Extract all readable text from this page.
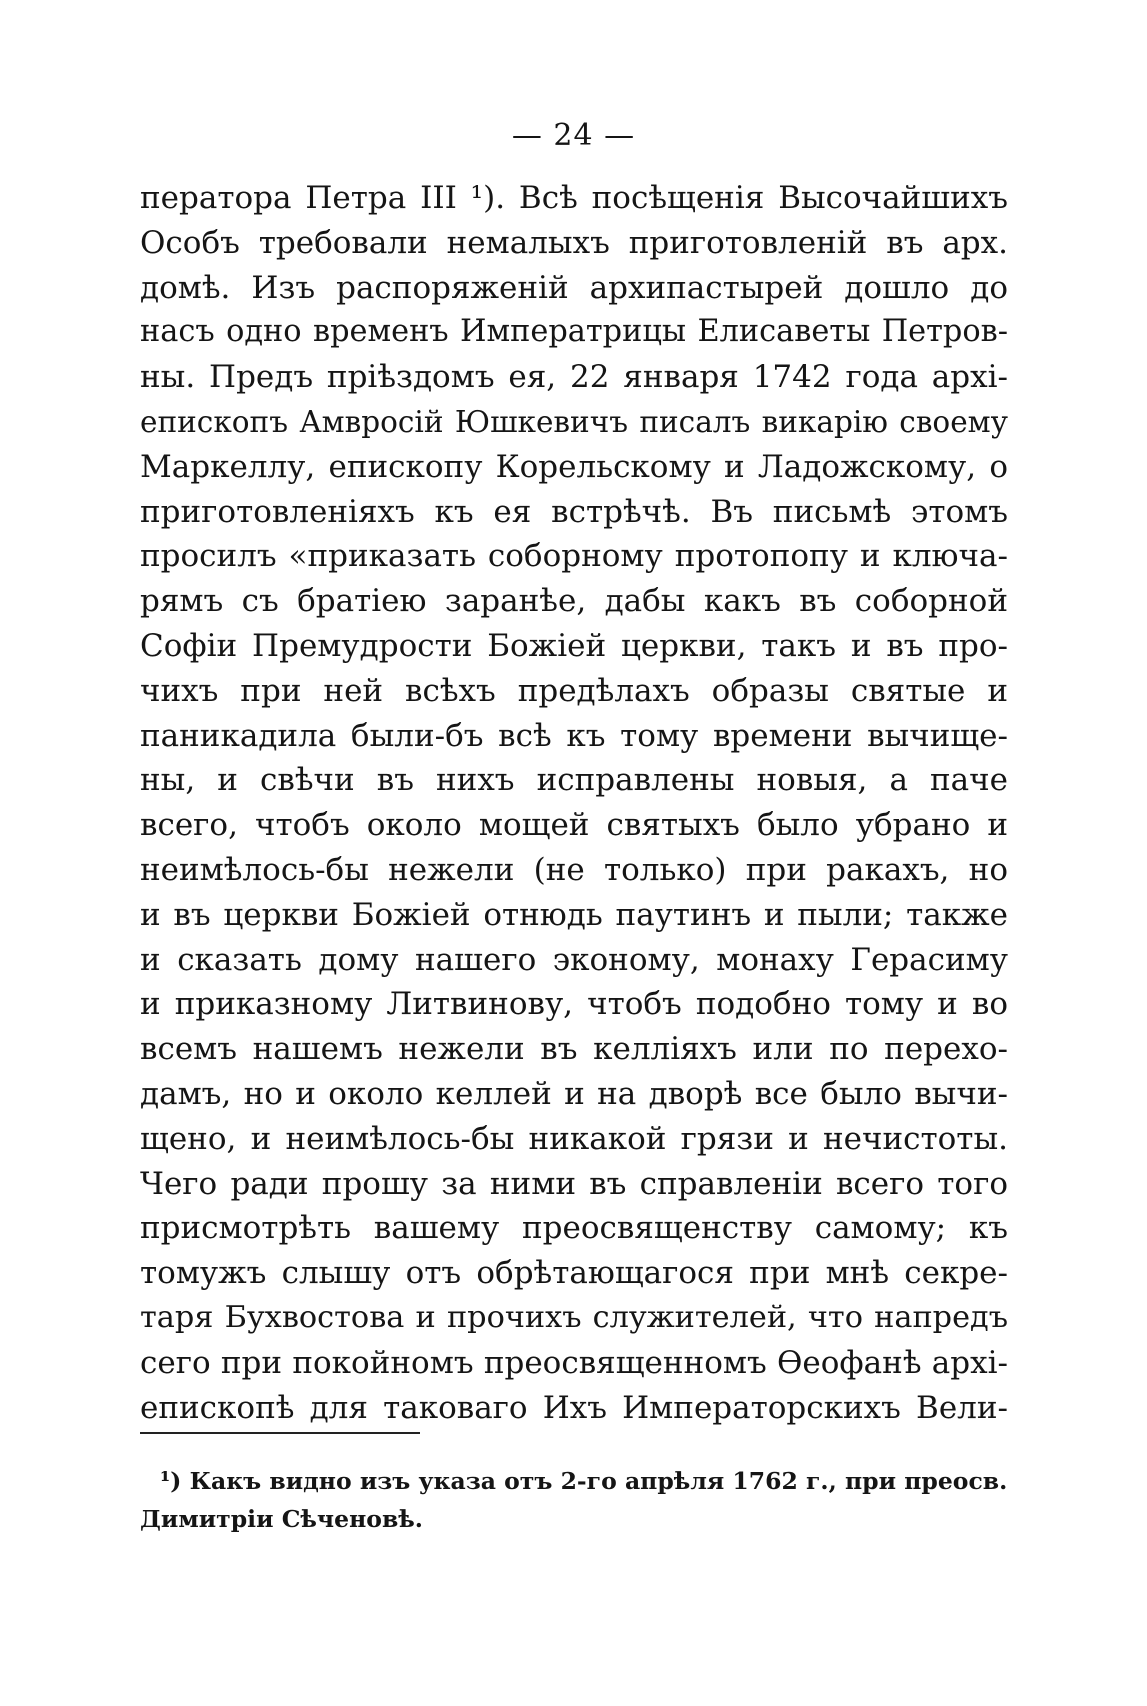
— 24 —
ператора Петра III ¹). Всѣ посѣщенія Высочайшихъ
Особъ требовали немалыхъ приготовленій въ арх.
домѣ. Изъ распоряженій архипастырей дошло до
насъ одно временъ Императрицы Елисаветы Петров-
ны. Предъ пріѣздомъ ея, 22 января 1742 года архі-
епископъ Амвросій Юшкевичъ писалъ викарію своему
Маркеллу, епископу Корельскому и Ладожскому, о
приготовленіяхъ къ ея встрѣчѣ. Въ письмѣ этомъ
просилъ «приказать соборному протопопу и ключа-
рямъ съ братіею заранѣе, дабы какъ въ соборной
Софіи Премудрости Божіей церкви, такъ и въ про-
чихъ при ней всѣхъ предѣлахъ образы святые и
паникадила были-бъ всѣ къ тому времени вычищe-
ны, и свѣчи въ нихъ исправлены новыя, а паче
всего, чтобъ около мощей святыхъ было убрано и
неимѣлось-бы нежели (не только) при ракахъ, но
и въ церкви Божіей отнюдь паутинъ и пыли; также
и сказать дому нашего эконому, монаху Герасиму
и приказному Литвинову, чтобъ подобно тому и во
всемъ нашемъ нежели въ келліяхъ или по перехо-
дамъ, но и около келлей и на дворѣ все было вычи-
щено, и неимѣлось-бы никакой грязи и нечистоты.
Чего ради прошу за ними въ справленіи всего того
присмотрѣть вашему преосвященству самому; къ
томужъ слышу отъ обрѣтающагося при мнѣ секре-
таря Бухвостова и прочихъ служителей, что напредъ
сего при покойномъ преосвященномъ Ѳеофанѣ архі-
епископѣ для таковаго Ихъ Императорскихъ Вели-
¹) Какъ видно изъ указа отъ 2-го апрѣля 1762 г., при преосв.
Димитріи Сѣченовѣ.
